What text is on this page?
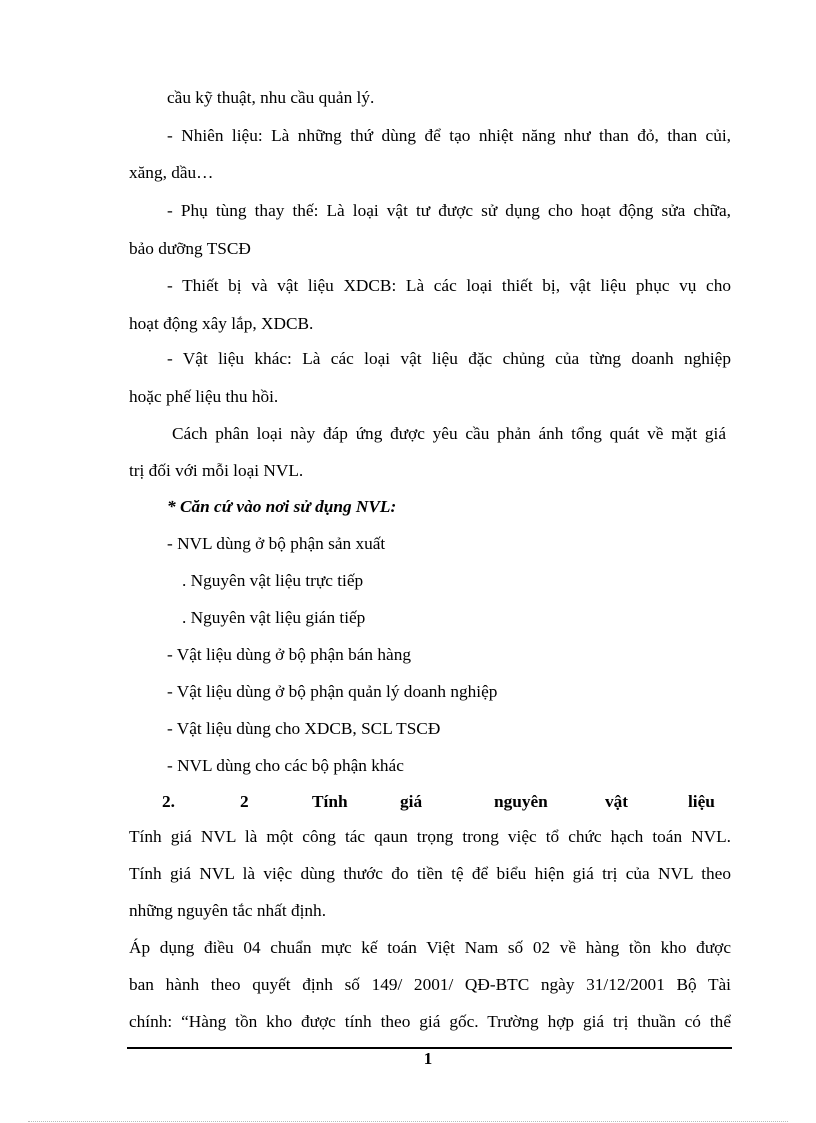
cầu kỹ thuật, nhu cầu quản lý.
- Nhiên liệu: Là những thứ dùng để tạo nhiệt năng như than đỏ, than củi,
xăng, dầu…
- Phụ tùng thay thế: Là loại vật tư được sử dụng cho hoạt động sửa chữa,
bảo dưỡng TSCĐ
- Thiết bị và vật liệu XDCB: Là các loại thiết bị, vật liệu phục vụ cho
hoạt động xây lắp, XDCB.
- Vật liệu khác: Là các loại vật liệu đặc chủng của từng doanh nghiệp
hoặc phế liệu thu hồi.
Cách phân loại này đáp ứng được yêu cầu phản ánh tổng quát về mặt giá
trị đối với mỗi loại NVL.
* Căn cứ vào nơi sử dụng NVL:
- NVL dùng ở bộ phận sản xuất
. Nguyên vật liệu trực tiếp
. Nguyên vật liệu gián tiếp
- Vật liệu dùng ở bộ phận bán hàng
- Vật liệu dùng ở bộ phận quản lý doanh nghiệp
- Vật liệu dùng cho XDCB, SCL TSCĐ
- NVL dùng cho các bộ phận khác
2.	2	Tính	giá	nguyên	vật	liệu
Tính giá NVL là một công tác qaun trọng trong việc tổ chức hạch toán NVL.
Tính giá NVL là việc dùng thước đo tiền tệ để biểu hiện giá trị của NVL theo
những nguyên tắc nhất định.
Áp dụng điều 04 chuẩn mực kế toán Việt Nam số 02 về hàng tồn kho được
ban hành theo quyết định số 149/ 2001/ QĐ-BTC ngày 31/12/2001 Bộ Tài
chính: “Hàng tồn kho được tính theo giá gốc. Trường hợp giá trị thuần có thể
1
